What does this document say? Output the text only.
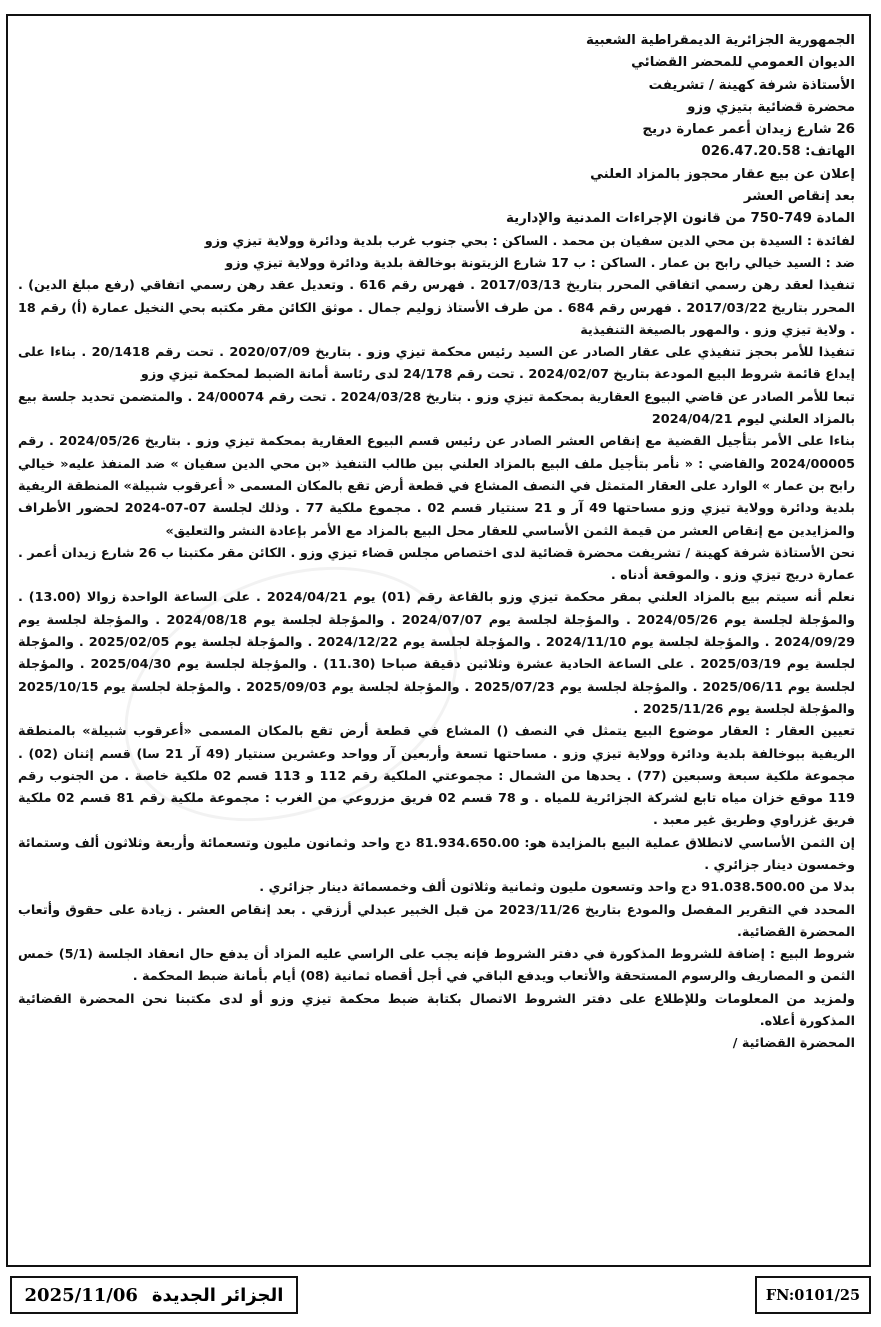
الجمهورية الجزائرية الديمقراطية الشعبية

الديوان العمومي للمحضر القضائي

الأستاذة شرفة كهينة / تشريفت

محضرة قضائية بتيزي وزو

26 شارع زيدان أعمر عمارة دريج

الهاتف: 026.47.20.58

إعلان عن بيع عقار محجوز بالمزاد العلني

بعد إنقاص العشر

المادة 749-750 من قانون الإجراءات المدنية والإدارية

لفائدة : السيدة بن محي الدين سفيان بن محمد . الساكن : بحي جنوب غرب بلدية ودائرة وولاية تيزي وزو

ضد : السيد خيالي رابح بن عمار . الساكن : ب 17 شارع الزيتونة بوخالفة بلدية ودائرة وولاية تيزي وزو

تنفيذا لعقد رهن رسمي اتفاقي المحرر بتاريخ 2017/03/13 . فهرس رقم 616 . وتعديل عقد رهن رسمي اتفاقي (رفع مبلغ الدين) . المحرر بتاريخ 2017/03/22 . فهرس رقم 684 . من طرف الأستاذ زوليم جمال . موثق الكائن مقر مكتبه بحي النخيل عمارة (أ) رقم 18 . ولاية تيزي وزو . والمهور بالصيغة التنفيذية

تنفيذا للأمر بحجز تنفيذي على عقار الصادر عن السيد رئيس محكمة تيزي وزو . بتاريخ 2020/07/09 . تحت رقم 20/1418 . بناءا على إيداع قائمة شروط البيع المودعة بتاريخ 2024/02/07 . تحت رقم 24/178 لدى رئاسة أمانة الضبط لمحكمة تيزي وزو

تبعا للأمر الصادر عن قاضي البيوع العقارية بمحكمة تيزي وزو . بتاريخ 2024/03/28 . تحت رقم 24/00074 . والمتضمن تحديد جلسة بيع بالمزاد العلني ليوم 2024/04/21

بناءا على الأمر بتأجيل القضية مع إنقاص العشر الصادر عن رئيس قسم البيوع العقارية بمحكمة تيزي وزو . بتاريخ 2024/05/26 . رقم 2024/00005 والقاضي : « نأمر بتأجيل ملف البيع بالمزاد العلني بين طالب التنفيذ «بن محي الدين سفيان » ضد المنفذ عليه« خيالي رابح بن عمار » الوارد على العقار المتمثل في النصف المشاع في قطعة أرض تقع بالمكان المسمى « أعرقوب شبيلة» المنطقة الريفية بلدية ودائرة وولاية تيزي وزو مساحتها 49 آر و 21 سنتيار قسم 02 . مجموع ملكية 77 . وذلك لجلسة 07-07-2024 لحضور الأطراف والمزايدين مع إنقاص العشر من قيمة الثمن الأساسي للعقار محل البيع بالمزاد مع الأمر بإعادة النشر والتعليق»

نحن الأستاذة شرفة كهينة / تشريفت محضرة قضائية لدى اختصاص مجلس قضاء تيزي وزو . الكائن مقر مكتبنا ب 26 شارع زيدان أعمر . عمارة دريج تيزي وزو . والموقعة أدناه .

نعلم أنه سيتم بيع بالمزاد العلني بمقر محكمة تيزي وزو بالقاعة رقم (01) يوم 2024/04/21 . على الساعة الواحدة زوالا (13.00) . والمؤجلة لجلسة يوم 2024/05/26 . والمؤجلة لجلسة يوم 2024/07/07 . والمؤجلة لجلسة يوم 2024/08/18 . والمؤجلة لجلسة يوم 2024/09/29 . والمؤجلة لجلسة يوم 2024/11/10 . والمؤجلة لجلسة يوم 2024/12/22 . والمؤجلة لجلسة يوم 2025/02/05 . والمؤجلة لجلسة يوم 2025/03/19 . على الساعة الحادية عشرة وثلاثين دقيقة صباحا (11.30) . والمؤجلة لجلسة يوم 2025/04/30 . والمؤجلة لجلسة يوم 2025/06/11 . والمؤجلة لجلسة يوم 2025/07/23 . والمؤجلة لجلسة يوم 2025/09/03 . والمؤجلة لجلسة يوم 2025/10/15 والمؤجلة لجلسة يوم 2025/11/26 .

تعيين العقار : العقار موضوع البيع يتمثل في النصف () المشاع في قطعة أرض تقع بالمكان المسمى «أعرقوب شبيلة» بالمنطقة الريفية ببوخالفة بلدية ودائرة وولاية تيزي وزو . مساحتها تسعة وأربعين آر وواحد وعشرين سنتيار (49 آر 21 سا) قسم إثنان (02) . مجموعة ملكية سبعة وسبعين (77) . يحدها من الشمال : مجموعتي الملكية رقم 112 و 113 قسم 02 ملكية خاصة . من الجنوب رقم 119 موقع خزان مياه تابع لشركة الجزائرية للمياه . و 78 قسم 02 فريق مزروعي من الغرب : مجموعة ملكية رقم 81 قسم 02 ملكية فريق غزراوي وطريق غير معبد .

إن الثمن الأساسي لانطلاق عملية البيع بالمزايدة هو: 81.934.650.00 دج واحد وثمانون مليون وتسعمائة وأربعة وثلاثون ألف وستمائة وخمسون دينار جزائري .

بدلا من 91.038.500.00 دج واحد وتسعون مليون وثمانية وثلاثون ألف وخمسمائة دينار جزائري .

المحدد في التقرير المفصل والمودع بتاريخ 2023/11/26 من قبل الخبير عبدلي أرزقي . بعد إنقاص العشر . زيادة على حقوق وأتعاب المحضرة القضائية.

شروط البيع : إضافة للشروط المذكورة في دفتر الشروط فإنه يجب على الراسي عليه المزاد أن يدفع حال انعقاد الجلسة (5/1) خمس الثمن و المصاريف والرسوم المستحقة والأتعاب ويدفع الباقي في أجل أقصاه ثمانية (08) أيام بأمانة ضبط المحكمة .

ولمزيد من المعلومات وللإطلاع على دفتر الشروط الاتصال بكتابة ضبط محكمة تيزي وزو أو لدى مكتبنا نحن المحضرة القضائية المذكورة أعلاه.

المحضرة القضائية /

2025/11/06 الجزائر الجديدة	FN:0101/25
